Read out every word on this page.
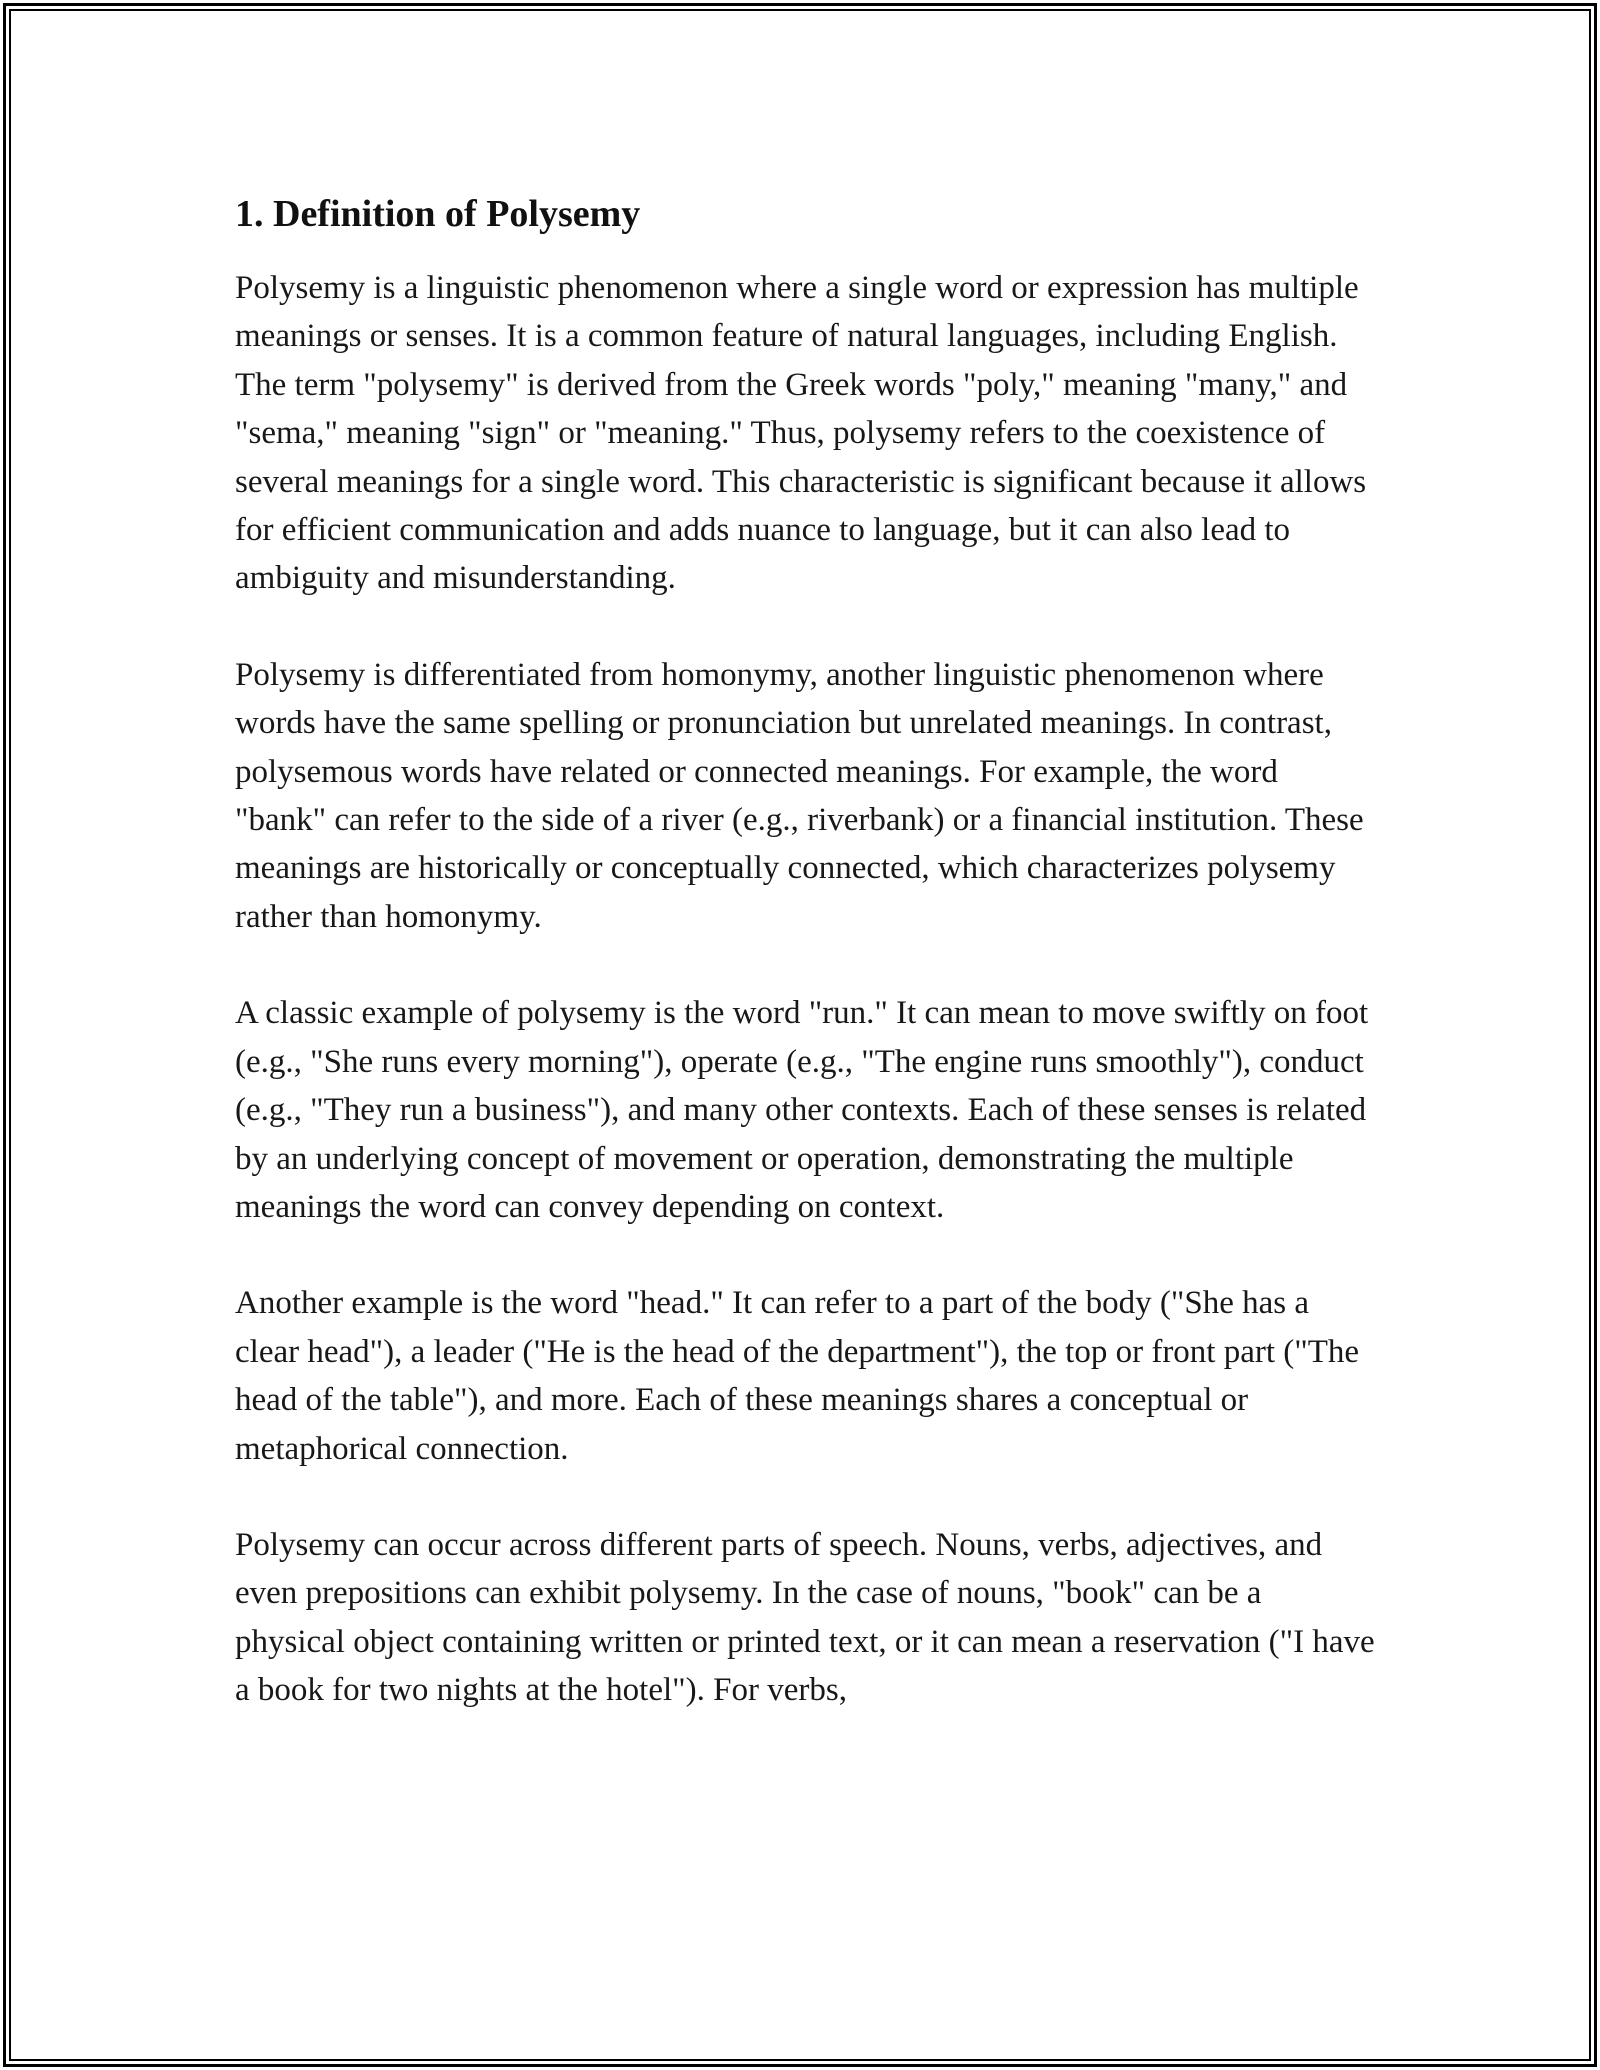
1. Definition of Polysemy

Polysemy is a linguistic phenomenon where a single word or expression has multiple meanings or senses. It is a common feature of natural languages, including English. The term "polysemy" is derived from the Greek words "poly," meaning "many," and "sema," meaning "sign" or "meaning." Thus, polysemy refers to the coexistence of several meanings for a single word. This characteristic is significant because it allows for efficient communication and adds nuance to language, but it can also lead to ambiguity and misunderstanding.

Polysemy is differentiated from homonymy, another linguistic phenomenon where words have the same spelling or pronunciation but unrelated meanings. In contrast, polysemous words have related or connected meanings. For example, the word "bank" can refer to the side of a river (e.g., riverbank) or a financial institution. These meanings are historically or conceptually connected, which characterizes polysemy rather than homonymy.

A classic example of polysemy is the word "run." It can mean to move swiftly on foot (e.g., "She runs every morning"), operate (e.g., "The engine runs smoothly"), conduct (e.g., "They run a business"), and many other contexts. Each of these senses is related by an underlying concept of movement or operation, demonstrating the multiple meanings the word can convey depending on context.

Another example is the word "head." It can refer to a part of the body ("She has a clear head"), a leader ("He is the head of the department"), the top or front part ("The head of the table"), and more. Each of these meanings shares a conceptual or metaphorical connection.

Polysemy can occur across different parts of speech. Nouns, verbs, adjectives, and even prepositions can exhibit polysemy. In the case of nouns, "book" can be a physical object containing written or printed text, or it can mean a reservation ("I have a book for two nights at the hotel"). For verbs,
